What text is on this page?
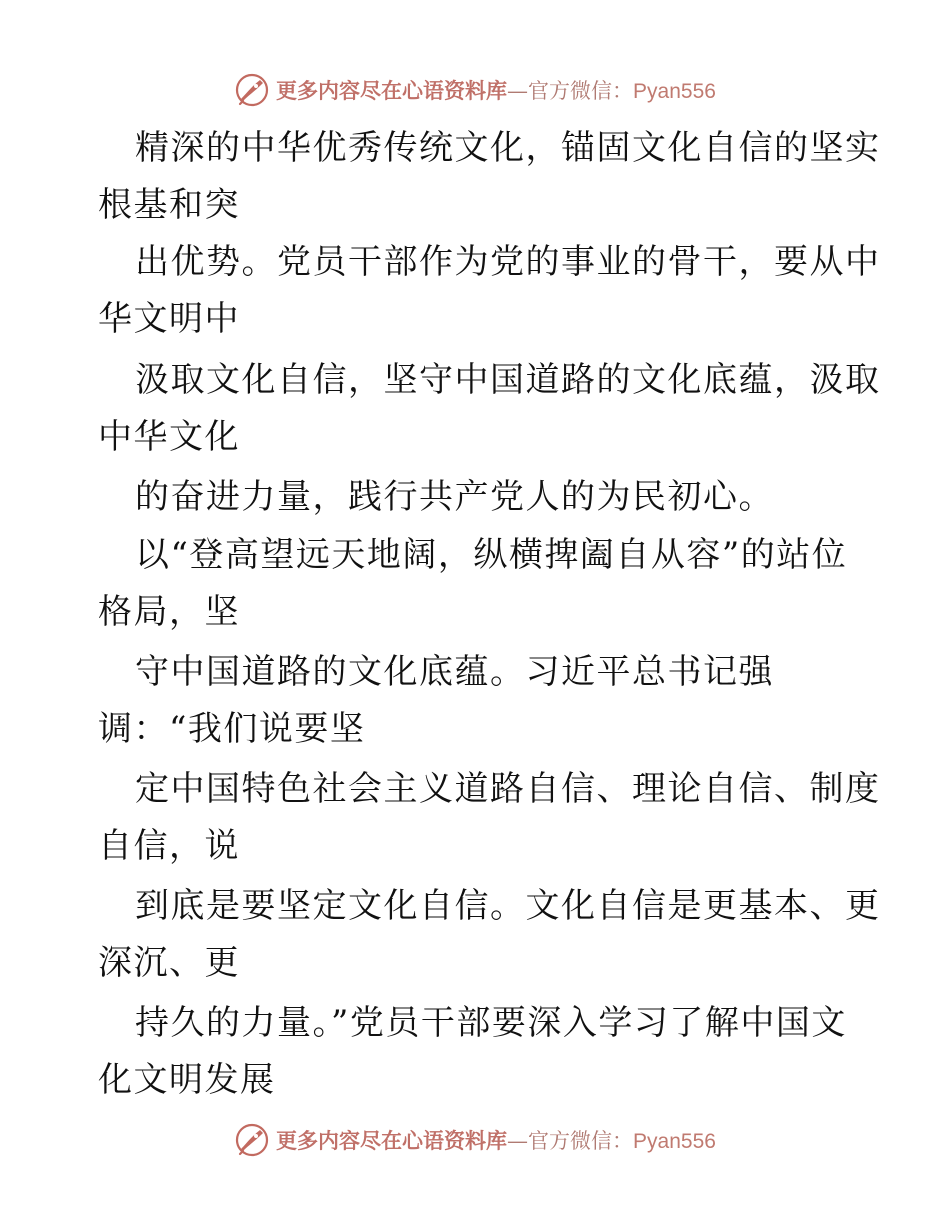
更多内容尽在心语资料库—官方微信：Pyan556
精深的中华优秀传统文化，锚固文化自信的坚实
根基和突
出优势。党员干部作为党的事业的骨干，要从中
华文明中
汲取文化自信，坚守中国道路的文化底蕴，汲取
中华文化
的奋进力量，践行共产党人的为民初心。
以“登高望远天地阔，纵横捭阖自从容”的站位
格局，坚
守中国道路的文化底蕴。习近平总书记强
调：“我们说要坚
定中国特色社会主义道路自信、理论自信、制度
自信，说
到底是要坚定文化自信。文化自信是更基本、更
深沉、更
持久的力量。”党员干部要深入学习了解中国文
化文明发展
更多内容尽在心语资料库—官方微信：Pyan556
